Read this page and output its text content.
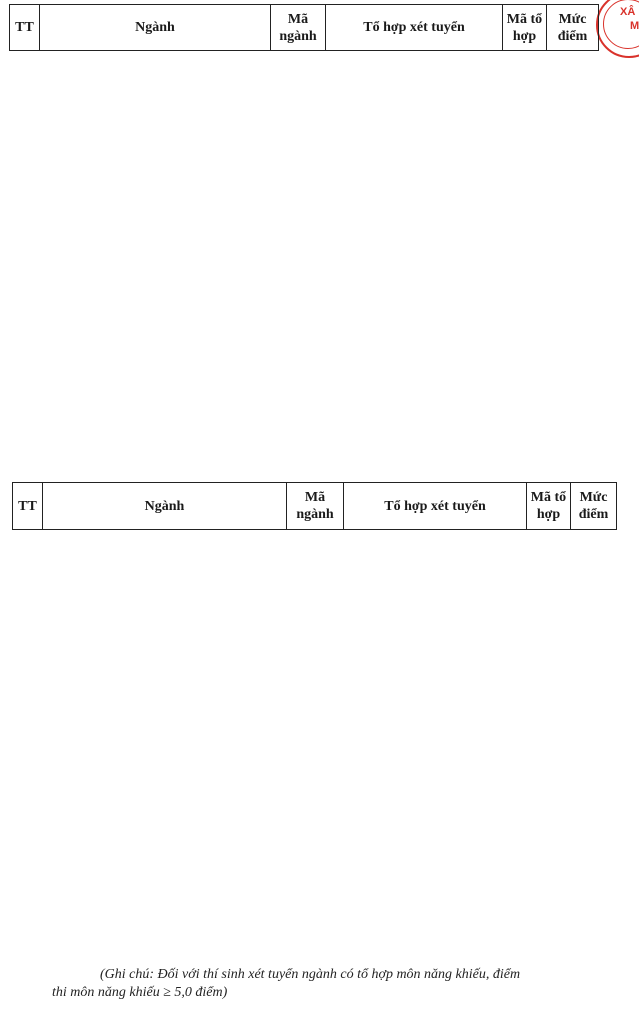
XÂ
M
TT	Ngành	Mã ngành	Tổ hợp xét tuyển	Mã tổ hợp	Mức điểm
TT	Ngành	Mã ngành	Tổ hợp xét tuyển	Mã tổ hợp	Mức điểm
(Ghi chú: Đối với thí sinh xét tuyển ngành có tổ hợp môn năng khiếu, điểm
thi môn năng khiếu ≥ 5,0 điểm)
